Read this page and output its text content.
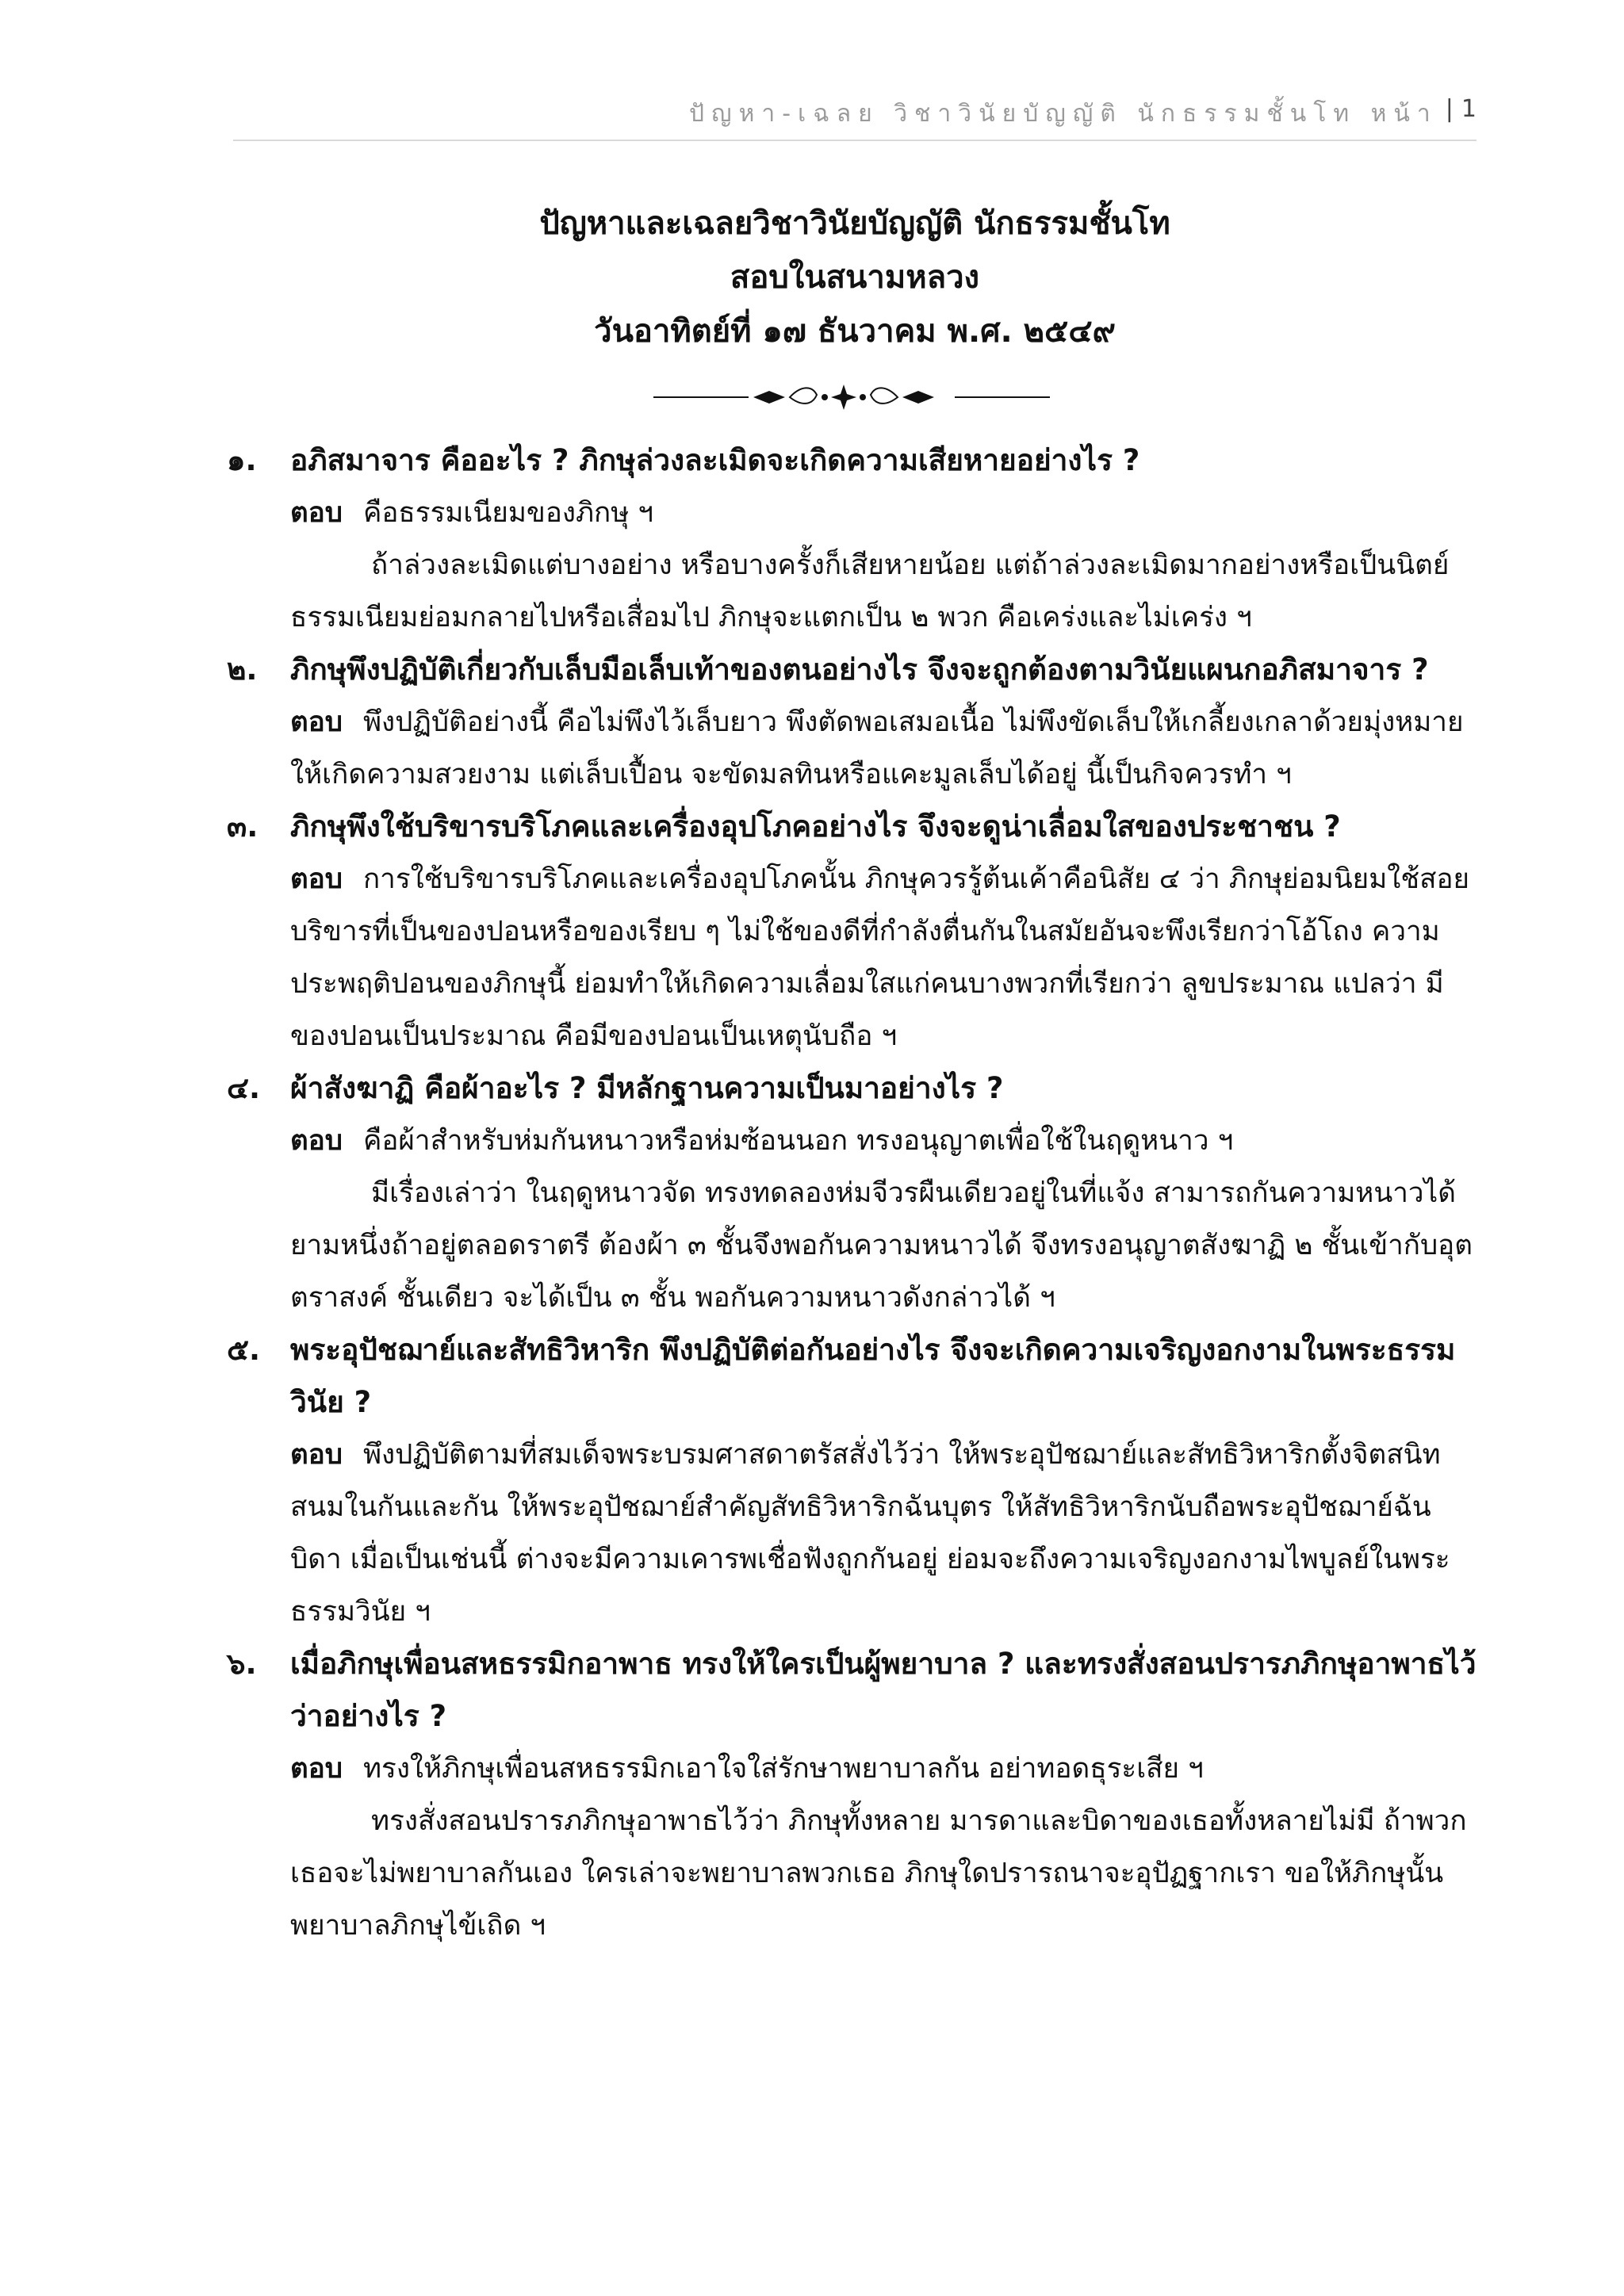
ปัญหา-เฉลย วิชาวินัยบัญญัติ นักธรรมชั้นโท หน้า | 1
ปัญหาและเฉลยวิชาวินัยบัญญัติ นักธรรมชั้นโท
สอบในสนามหลวง
วันอาทิตย์ที่ ๑๗ ธันวาคม พ.ศ. ๒๕๔๙
๑.	อภิสมาจาร คืออะไร ? ภิกษุล่วงละเมิดจะเกิดความเสียหายอย่างไร ?
ตอบ คือธรรมเนียมของภิกษุ ฯ
ถ้าล่วงละเมิดแต่บางอย่าง หรือบางครั้งก็เสียหายน้อย แต่ถ้าล่วงละเมิดมากอย่างหรือเป็นนิตย์ ธรรมเนียมย่อมกลายไปหรือเสื่อมไป ภิกษุจะแตกเป็น ๒ พวก คือเคร่งและไม่เคร่ง ฯ
๒.	ภิกษุพึงปฏิบัติเกี่ยวกับเล็บมือเล็บเท้าของตนอย่างไร จึงจะถูกต้องตามวินัยแผนกอภิสมาจาร ?
ตอบ พึงปฏิบัติอย่างนี้ คือไม่พึงไว้เล็บยาว พึงตัดพอเสมอเนื้อ ไม่พึงขัดเล็บให้เกลี้ยงเกลาด้วยมุ่งหมายให้เกิดความสวยงาม แต่เล็บเปื้อน จะขัดมลทินหรือแคะมูลเล็บได้อยู่ นี้เป็นกิจควรทำ ฯ
๓.	ภิกษุพึงใช้บริขารบริโภคและเครื่องอุปโภคอย่างไร จึงจะดูน่าเลื่อมใสของประชาชน ?
ตอบ การใช้บริขารบริโภคและเครื่องอุปโภคนั้น ภิกษุควรรู้ต้นเค้าคือนิสัย ๔ ว่า ภิกษุย่อมนิยมใช้สอยบริขารที่เป็นของปอนหรือของเรียบ ๆ ไม่ใช้ของดีที่กำลังตื่นกันในสมัยอันจะพึงเรียกว่าโอ้โถง ความประพฤติปอนของภิกษุนี้ ย่อมทำให้เกิดความเลื่อมใสแก่คนบางพวกที่เรียกว่า ลูขประมาณ แปลว่า มีของปอนเป็นประมาณ คือมีของปอนเป็นเหตุนับถือ ฯ
๔.	ผ้าสังฆาฏิ คือผ้าอะไร ? มีหลักฐานความเป็นมาอย่างไร ?
ตอบ คือผ้าสำหรับห่มกันหนาวหรือห่มซ้อนนอก ทรงอนุญาตเพื่อใช้ในฤดูหนาว ฯ
มีเรื่องเล่าว่า ในฤดูหนาวจัด ทรงทดลองห่มจีวรผืนเดียวอยู่ในที่แจ้ง สามารถกันความหนาวได้ยามหนึ่งถ้าอยู่ตลอดราตรี ต้องผ้า ๓ ชั้นจึงพอกันความหนาวได้ จึงทรงอนุญาตสังฆาฏิ ๒ ชั้นเข้ากับอุตตราสงค์ ชั้นเดียว จะได้เป็น ๓ ชั้น พอกันความหนาวดังกล่าวได้ ฯ
๕.	พระอุปัชฌาย์และสัทธิวิหาริก พึงปฏิบัติต่อกันอย่างไร จึงจะเกิดความเจริญงอกงามในพระธรรมวินัย ?
ตอบ พึงปฏิบัติตามที่สมเด็จพระบรมศาสดาตรัสสั่งไว้ว่า ให้พระอุปัชฌาย์และสัทธิวิหาริกตั้งจิตสนิทสนมในกันและกัน ให้พระอุปัชฌาย์สำคัญสัทธิวิหาริกฉันบุตร ให้สัทธิวิหาริกนับถือพระอุปัชฌาย์ฉันบิดา เมื่อเป็นเช่นนี้ ต่างจะมีความเคารพเชื่อฟังถูกกันอยู่ ย่อมจะถึงความเจริญงอกงามไพบูลย์ในพระธรรมวินัย ฯ
๖.	เมื่อภิกษุเพื่อนสหธรรมิกอาพาธ ทรงให้ใครเป็นผู้พยาบาล ? และทรงสั่งสอนปรารภภิกษุอาพาธไว้ว่าอย่างไร ?
ตอบ ทรงให้ภิกษุเพื่อนสหธรรมิกเอาใจใส่รักษาพยาบาลกัน อย่าทอดธุระเสีย ฯ
ทรงสั่งสอนปรารภภิกษุอาพาธไว้ว่า ภิกษุทั้งหลาย มารดาและบิดาของเธอทั้งหลายไม่มี ถ้าพวกเธอจะไม่พยาบาลกันเอง ใครเล่าจะพยาบาลพวกเธอ ภิกษุใดปรารถนาจะอุปัฏฐากเรา ขอให้ภิกษุนั้นพยาบาลภิกษุไข้เถิด ฯ
